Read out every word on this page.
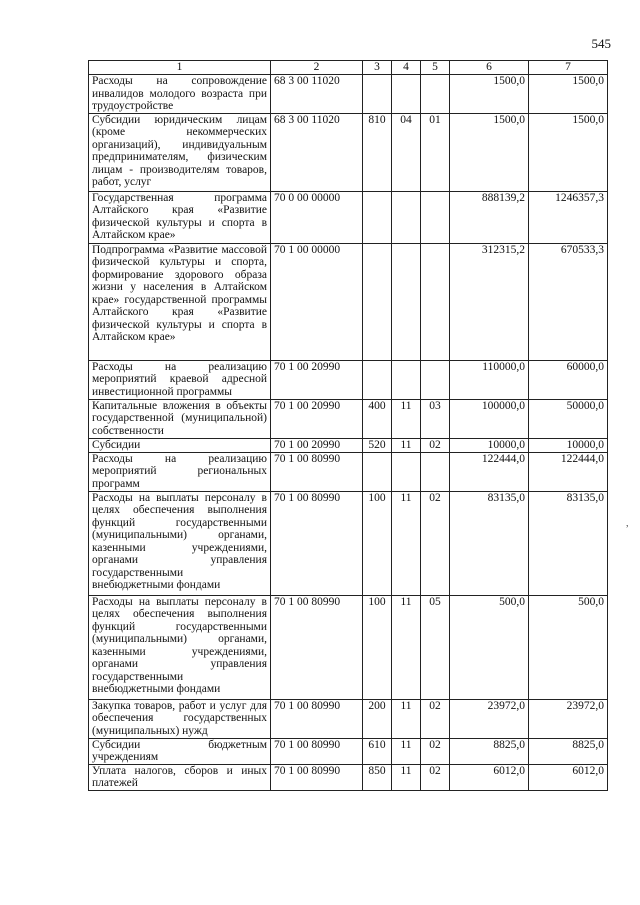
545
1	2	3	4	5	6	7
Расходы на сопровождение инвалидов молодого возраста при трудоустройстве	68 3 00 11020				1500,0	1500,0
Субсидии юридическим лицам (кроме некоммерческих организаций), индивидуальным предпринимателям, физическим лицам - производителям товаров, работ, услуг	68 3 00 11020	810	04	01	1500,0	1500,0
Государственная программа Алтайского края «Развитие физической культуры и спорта в Алтайском крае»	70 0 00 00000				888139,2	1246357,3
Подпрограмма «Развитие массовой физической культуры и спорта, формирование здорового образа жизни у населения в Алтайском крае» государственной программы Алтайского края «Развитие физической культуры и спорта в Алтайском крае»	70 1 00 00000				312315,2	670533,3
Расходы на реализацию мероприятий краевой адресной инвестиционной программы	70 1 00 20990				110000,0	60000,0
Капитальные вложения в объекты государственной (муниципальной) собственности	70 1 00 20990	400	11	03	100000,0	50000,0
Субсидии	70 1 00 20990	520	11	02	10000,0	10000,0
Расходы на реализацию мероприятий региональных программ	70 1 00 80990				122444,0	122444,0
Расходы на выплаты персоналу в целях обеспечения выполнения функций государственными (муниципальными) органами, казенными учреждениями, органами управления государственными внебюджетными фондами	70 1 00 80990	100	11	02	83135,0	83135,0
Расходы на выплаты персоналу в целях обеспечения выполнения функций государственными (муниципальными) органами, казенными учреждениями, органами управления государственными внебюджетными фондами	70 1 00 80990	100	11	05	500,0	500,0
Закупка товаров, работ и услуг для обеспечения государственных (муниципальных) нужд	70 1 00 80990	200	11	02	23972,0	23972,0
Субсидии бюджетным учреждениям	70 1 00 80990	610	11	02	8825,0	8825,0
Уплата налогов, сборов и иных платежей	70 1 00 80990	850	11	02	6012,0	6012,0
,
